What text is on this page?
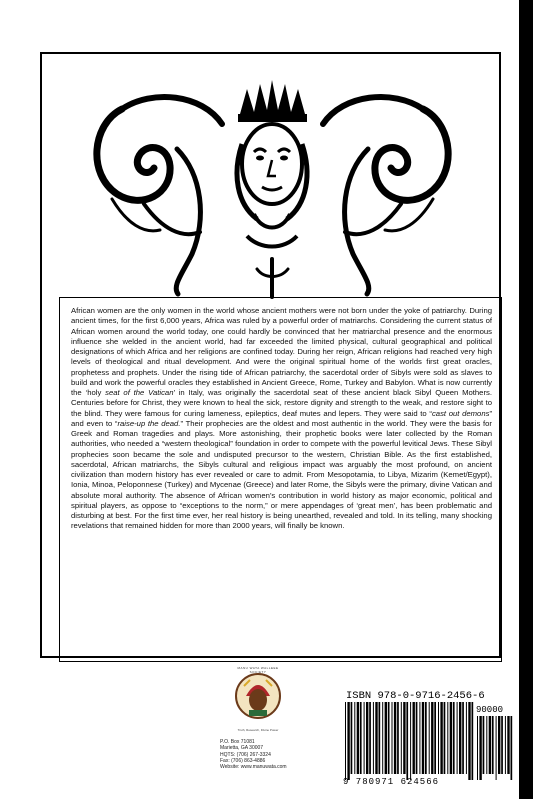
African women are the only women in the world whose ancient mothers were not born under the yoke of patriarchy. During ancient times, for the first 6,000 years, Africa was ruled by a powerful order of matriarchs. Considering the current status of African women around the world today, one could hardly be convinced that her matriarchal presence and the enormous influence she welded in the ancient world, had far exceeded the limited physical, cultural geographical and political designations of which Africa and her religions are confined today. During her reign, African religions had reached very high levels of theological and ritual development. And were the original spiritual home of the worlds first great oracles, prophetess and prophets. Under the rising tide of African patriarchy, the sacerdotal order of Sibyls were sold as slaves to build and work the powerful oracles they established in Ancient Greece, Rome, Turkey and Babylon. What is now currently the ‘holy seat of the Vatican’ in Italy, was originally the sacerdotal seat of these ancient black Sibyl Queen Mothers. Centuries before for Christ, they were known to heal the sick, restore dignity and strength to the weak, and restore sight to the blind. They were famous for curing lameness, epileptics, deaf mutes and lepers. They were said to “cast out demons” and even to “raise-up the dead.” Their prophecies are the oldest and most authentic in the world. They were the basis for Greek and Roman tragedies and plays. More astonishing, their prophetic books were later collected by the Roman authorities, who needed a “western theological” foundation in order to compete with the powerful levitical Jews. These Sibyl prophecies soon became the sole and undisputed precursor to the western, Christian Bible. As the first established, sacerdotal, African matriarchs, the Sibyls cultural and religious impact was arguably the most profound, on ancient civilization than modern history has ever revealed or care to admit. From Mesopotamia, to Libya, Mizarim (Kemet/Egypt), Ionia, Minoa, Peloponnese (Turkey) and Mycenae (Greece) and later Rome, the Sibyls were the primary, divine Vatican and absolute moral authority. The absence of African women’s contribution in world history as major economic, political and spiritual players, as oppose to “exceptions to the norm,” or mere appendages of ‘great men’, has been problematic and disturbing at best. For the first time ever, her real history is being unearthed, revealed and told. In its telling, many shocking revelations that remained hidden for more than 2000 years, will finally be known.

MANU WATA WALLEEE SOCIETY
Truth, Research, Divine Power
P.O. Box 71081
Marietta, GA 30007
HQTS: (706) 267-3324
Fax: (706) 863-4886
Website: www.manuwata.com
ISBN 978-0-9716-2456-6
90000
9 780971 624566
